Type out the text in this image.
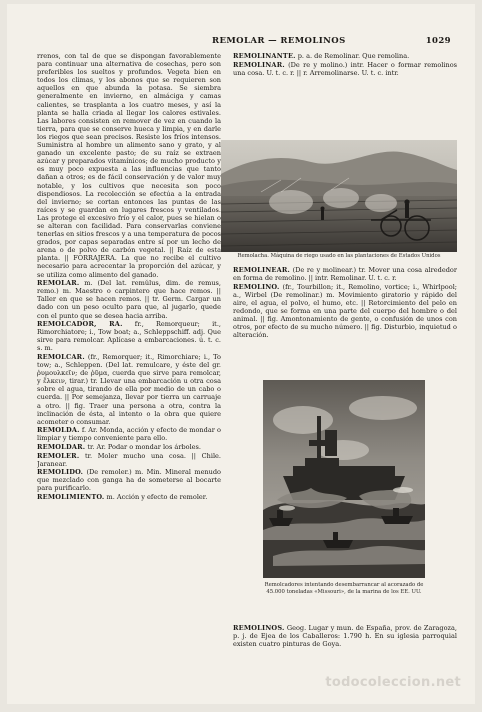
REMOLAR — REMOLINOS	1029

rrenos, con tal de que se dispongan favorablemente para continuar una alternativa de cosechas, pero son preferibles los sueltos y profundos. Vegeta bien en todos los climas, y los abonos que se requieren son aquellos en que abunda la potasa. Se siembra generalmente en invierno, en almáciga y camas calientes, se trasplanta a los cuatro meses, y así la planta se halla criada al llegar los calores estivales. Las labores consisten en remover de vez en cuando la tierra, para que se conserve hueca y limpia, y en darle los riegos que sean precisos. Resiste los fríos intensos. Suministra al hombre un alimento sano y grato, y al ganado un excelente pasto; de su raíz se extraen azúcar y preparados vitamínicos; de mucho producto y es muy poco expuesta a las influencias que tanto dañan a otros; es de fácil conservación y de valor muy notable, y los cultivos que necesita son poco dispendiosos. La recolección se efectúa a la entrada del invierno; se cortan entonces las puntas de las raíces y se guardan en lugares frescos y ventilados. Las protege el excesivo frío y el calor, pues se hielan o se alteran con facilidad. Para conservarlas conviene tenerlas en sitios frescos y a una temperatura de pocos grados, por capas separadas entre sí por un lecho de arena o de polvo de carbón vegetal. || Raíz de esta planta. || FORRAJERA. La que no recibe el cultivo necesario para acrecentar la proporción del azúcar, y se utiliza como alimento del ganado.

REMOLAR. m. (Del lat. remŭlus, dim. de remus, remo.) m. Maestro o carpintero que hace remos. || Taller en que se hacen remos. || tr. Germ. Cargar un dado con un peso oculto para que, al jugarlo, quede con el punto que se desea hacia arriba.

REMOLCADOR, RA. fr., Remorqueur; it., Rimorchiatore; i., Tow boat; a., Schleppschiff. adj. Que sirve para remolcar. Aplícase a embarcaciones. ú. t. c. s. m.

REMOLCAR. (fr., Remorquer; it., Rimorchiare; i., To tow; a., Schleppen. (Del lat. remulcare, y éste del gr. ῥυμουλκεῖν; de ῥῦμα, cuerda que sirve para remolcar, y ἕλκειν, tirar.) tr. Llevar una embarcación u otra cosa sobre el agua, tirando de ella por medio de un cabo o cuerda. || Por semejanza, llevar por tierra un carruaje a otro. || fig. Traer una persona a otra, contra la inclinación de ésta, al intento o la obra que quiere acometer o consumar.

REMOLDA. f. Ar. Monda, acción y efecto de mondar o limpiar y tiempo conveniente para ello.

REMOLDAR. tr. Ar. Podar o mondar los árboles.

REMOLER. tr. Moler mucho una cosa. || Chile. Jaranear.

REMOLIDO. (De remoler.) m. Min. Mineral menudo que mezclado con ganga ha de someterse al bocarte para purificarlo.

REMOLIMIENTO. m. Acción y efecto de remoler.

REMOLINANTE. p. a. de Remolinar. Que remolina.

REMOLINAR. (De re y molino.) intr. Hacer o formar remolinos una cosa. U. t. c. r. || r. Arremolinarse. U. t. c. intr.

Remolacha. Máquina de riego usado en las plantaciones de Estados Unidos

REMOLINEAR. (De re y molinear.) tr. Mover una cosa alrededor en forma de remolino. || intr. Remolinar. U. t. c. r.

REMOLINO. (fr., Tourbillon; it., Remolino, vortice; i., Whirlpool; a., Wirbel (De remolinar.) m. Movimiento giratorio y rápido del aire, el agua, el polvo, el humo, etc. || Retorcimiento del pelo en redondo, que se forma en una parte del cuerpo del hombre o del animal. || fig. Amontonamiento de gente, o confusión de unos con otros, por efecto de su mucho número. || fig. Disturbio, inquietud o alteración.

Remolcadores intentando desembarrancar al acorazado de 45.000 toneladas «Missouri», de la marina de los EE. UU.

REMOLINOS. Geog. Lugar y mun. de España, prov. de Zaragoza, p. j. de Ejea de los Caballeros: 1.790 h. En su iglesia parroquial existen cuatro pinturas de Goya.

todocoleccion.net
